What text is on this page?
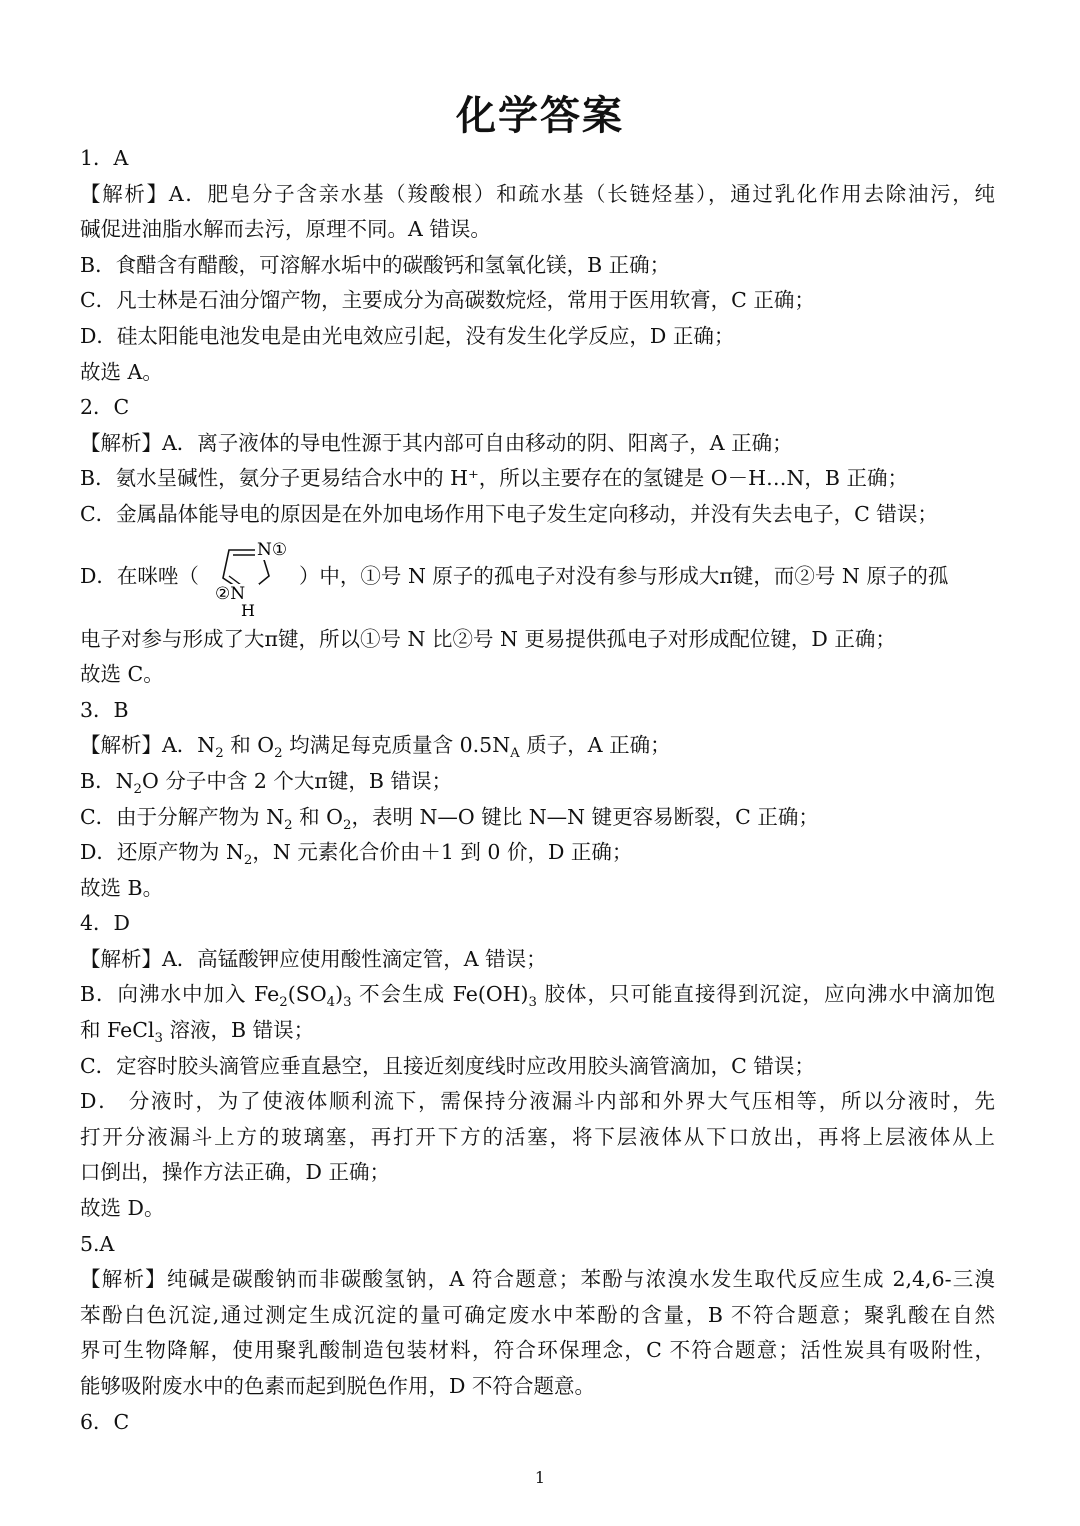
化学答案
1．A
【解析】A．肥皂分子含亲水基（羧酸根）和疏水基（长链烃基），通过乳化作用去除油污，纯
碱促进油脂水解而去污，原理不同。A 错误。
B．食醋含有醋酸，可溶解水垢中的碳酸钙和氢氧化镁，B 正确；
C．凡士林是石油分馏产物，主要成分为高碳数烷烃，常用于医用软膏，C 正确；
D．硅太阳能电池发电是由光电效应引起，没有发生化学反应，D 正确；
故选 A。
2．C
【解析】A．离子液体的导电性源于其内部可自由移动的阴、阳离子，A 正确；
B．氨水呈碱性，氨分子更易结合水中的 H⁺，所以主要存在的氢键是 O－H…N，B 正确；
C．金属晶体能导电的原因是在外加电场作用下电子发生定向移动，并没有失去电子，C 错误；
D．在咪唑（
N①
②N
H
）中，①号 N 原子的孤电子对没有参与形成大π键，而②号 N 原子的孤
电子对参与形成了大π键，所以①号 N 比②号 N 更易提供孤电子对形成配位键，D 正确；
故选 C。
3．B
【解析】A．$N_2$ 和 $O_2$ 均满足每克质量含 $0.5N_A$ 质子，A 正确；
B．$N_2O$ 分子中含 2 个大π键，B 错误；
C．由于分解产物为 $N_2$ 和 $O_2$，表明 N—O 键比 N—N 键更容易断裂，C 正确；
D．还原产物为 $N_2$，N 元素化合价由＋1 到 0 价，D 正确；
故选 B。
4．D
【解析】A．高锰酸钾应使用酸性滴定管，A 错误；
B．向沸水中加入 $Fe_2(SO_4)_3$ 不会生成 $Fe(OH)_3$ 胶体，只可能直接得到沉淀，应向沸水中滴加饱
和 FeCl$_3$ 溶液，B 错误；
C．定容时胶头滴管应垂直悬空，且接近刻度线时应改用胶头滴管滴加，C 错误；
D． 分液时，为了使液体顺利流下，需保持分液漏斗内部和外界大气压相等，所以分液时，先
打开分液漏斗上方的玻璃塞，再打开下方的活塞，将下层液体从下口放出，再将上层液体从上
口倒出，操作方法正确，D 正确；
故选 D。
5.A
【解析】纯碱是碳酸钠而非碳酸氢钠，A 符合题意；苯酚与浓溴水发生取代反应生成 2,4,6-三溴
苯酚白色沉淀,通过测定生成沉淀的量可确定废水中苯酚的含量，B 不符合题意；聚乳酸在自然
界可生物降解，使用聚乳酸制造包装材料，符合环保理念，C 不符合题意；活性炭具有吸附性，
能够吸附废水中的色素而起到脱色作用，D 不符合题意。
6．C
1
